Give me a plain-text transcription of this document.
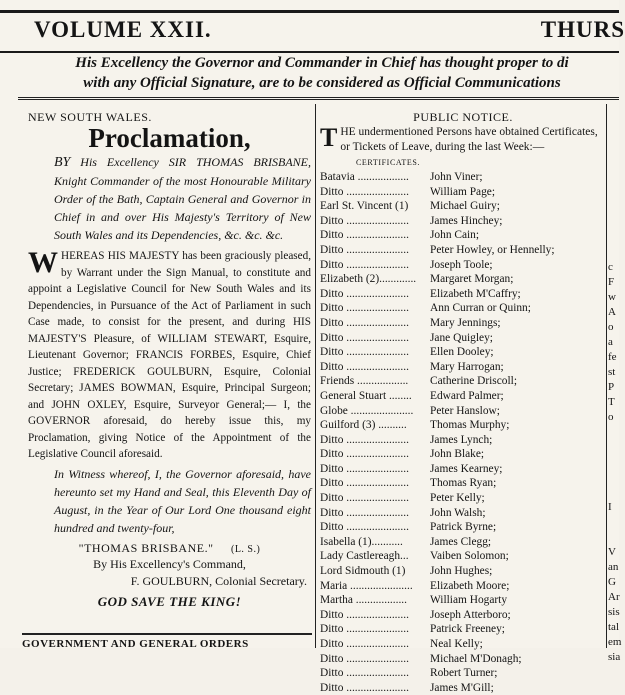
VOLUME XXII.	THURS
His Excellency the Governor and Commander in Chief has thought proper to di
with any Official Signature, are to be considered as Official Communications
NEW SOUTH WALES.
Proclamation,
BY His Excellency SIR THOMAS BRISBANE, Knight Commander of the most Honourable Military Order of the Bath, Captain General and Governor in Chief in and over His Majesty's Territory of New South Wales and its Dependencies, &c. &c. &c.
WHEREAS HIS MAJESTY has been graciously pleased, by Warrant under the Sign Manual, to constitute and appoint a Legislative Council for New South Wales and its Dependencies, in Pursuance of the Act of Parliament in such Case made, to consist for the present, and during HIS MAJESTY'S Pleasure, of WILLIAM STEWART, Esquire, Lieutenant Governor; FRANCIS FORBES, Esquire, Chief Justice; FREDERICK GOULBURN, Esquire, Colonial Secretary; JAMES BOWMAN, Esquire, Principal Surgeon; and JOHN OXLEY, Esquire, Surveyor General;— I, the GOVERNOR aforesaid, do hereby issue this, my Proclamation, giving Notice of the Appointment of the Legislative Council aforesaid.
In Witness whereof, I, the Governor aforesaid, have hereunto set my Hand and Seal, this Eleventh Day of August, in the Year of Our Lord One thousand eight hundred and twenty-four,
"THOMAS BRISBANE." (L. S.)
By His Excellency's Command,
F. GOULBURN, Colonial Secretary.
GOD SAVE THE KING!
GOVERNMENT AND GENERAL ORDERS
PUBLIC NOTICE.
THE undermentioned Persons have obtained Certificates, or Tickets of Leave, during the last Week:— CERTIFICATES.
Batavia ..................	John Viner;
Ditto ......................	William Page;
Earl St. Vincent (1)	Michael Guiry;
Ditto ......................	James Hinchey;
Ditto ......................	John Cain;
Ditto ......................	Peter Howley, or Hennelly;
Ditto ......................	Joseph Toole;
Elizabeth (2).............	Margaret Morgan;
Ditto ......................	Elizabeth M'Caffry;
Ditto ......................	Ann Curran or Quinn;
Ditto ......................	Mary Jennings;
Ditto ......................	Jane Quigley;
Ditto ......................	Ellen Dooley;
Ditto ......................	Mary Harrogan;
Friends ..................	Catherine Driscoll;
General Stuart ........	Edward Palmer;
Globe ......................	Peter Hanslow;
Guilford (3) ..........	Thomas Murphy;
Ditto ......................	James Lynch;
Ditto ......................	John Blake;
Ditto ......................	James Kearney;
Ditto ......................	Thomas Ryan;
Ditto ......................	Peter Kelly;
Ditto ......................	John Walsh;
Ditto ......................	Patrick Byrne;
Isabella (1)...........	James Clegg;
Lady Castlereagh...	Vaiben Solomon;
Lord Sidmouth (1)	John Hughes;
Maria ......................	Elizabeth Moore;
Martha ..................	William Hogarty
Ditto ......................	Joseph Atterboro;
Ditto ......................	Patrick Freeney;
Ditto ......................	Neal Kelly;
Ditto ......................	Michael M'Donagh;
Ditto ......................	Robert Turner;
Ditto ......................	James M'Gill;
c
F
w
A
o
a
fe
st
P
T
o
I
V
an
G
Ar
sis
tal
em
sia
